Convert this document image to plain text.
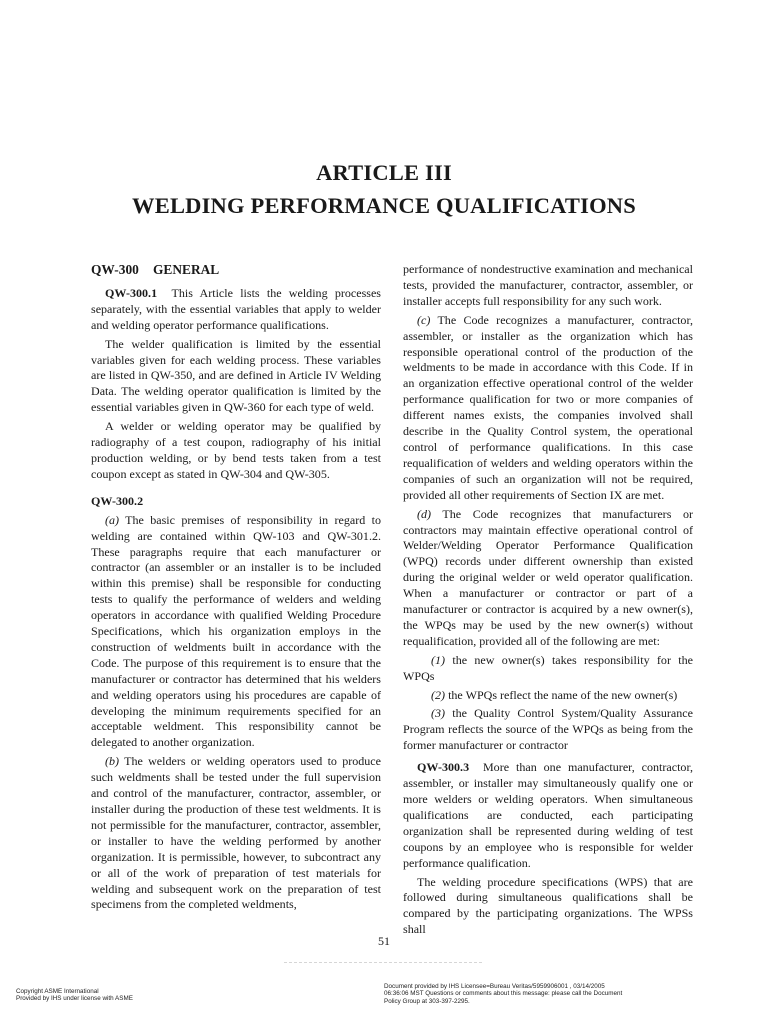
ARTICLE III
WELDING PERFORMANCE QUALIFICATIONS
QW-300 GENERAL

QW-300.1 This Article lists the welding processes separately, with the essential variables that apply to welder and welding operator performance qualifications.

The welder qualification is limited by the essential variables given for each welding process. These variables are listed in QW-350, and are defined in Article IV Welding Data. The welding operator qualification is limited by the essential variables given in QW-360 for each type of weld.

A welder or welding operator may be qualified by radiography of a test coupon, radiography of his initial production welding, or by bend tests taken from a test coupon except as stated in QW-304 and QW-305.

QW-300.2

(a) The basic premises of responsibility in regard to welding are contained within QW-103 and QW-301.2. These paragraphs require that each manufacturer or contractor (an assembler or an installer is to be included within this premise) shall be responsible for conducting tests to qualify the performance of welders and welding operators in accordance with qualified Welding Procedure Specifications, which his organization employs in the construction of weldments built in accordance with the Code. The purpose of this requirement is to ensure that the manufacturer or contractor has determined that his welders and welding operators using his procedures are capable of developing the minimum requirements specified for an acceptable weldment. This responsibility cannot be delegated to another organization.

(b) The welders or welding operators used to produce such weldments shall be tested under the full supervision and control of the manufacturer, contractor, assembler, or installer during the production of these test weldments. It is not permissible for the manufacturer, contractor, assembler, or installer to have the welding performed by another organization. It is permissible, however, to subcontract any or all of the work of preparation of test materials for welding and subsequent work on the preparation of test specimens from the completed weldments,

performance of nondestructive examination and mechanical tests, provided the manufacturer, contractor, assembler, or installer accepts full responsibility for any such work.

(c) The Code recognizes a manufacturer, contractor, assembler, or installer as the organization which has responsible operational control of the production of the weldments to be made in accordance with this Code. If in an organization effective operational control of the welder performance qualification for two or more companies of different names exists, the companies involved shall describe in the Quality Control system, the operational control of performance qualifications. In this case requalification of welders and welding operators within the companies of such an organization will not be required, provided all other requirements of Section IX are met.

(d) The Code recognizes that manufacturers or contractors may maintain effective operational control of Welder/Welding Operator Performance Qualification (WPQ) records under different ownership than existed during the original welder or weld operator qualification. When a manufacturer or contractor or part of a manufacturer or contractor is acquired by a new owner(s), the WPQs may be used by the new owner(s) without requalification, provided all of the following are met:

(1) the new owner(s) takes responsibility for the WPQs

(2) the WPQs reflect the name of the new owner(s)

(3) the Quality Control System/Quality Assurance Program reflects the source of the WPQs as being from the former manufacturer or contractor

QW-300.3 More than one manufacturer, contractor, assembler, or installer may simultaneously qualify one or more welders or welding operators. When simultaneous qualifications are conducted, each participating organization shall be represented during welding of test coupons by an employee who is responsible for welder performance qualification.

The welding procedure specifications (WPS) that are followed during simultaneous qualifications shall be compared by the participating organizations. The WPSs shall

51
Copyright ASME International
Provided by IHS under license with ASME
Document provided by IHS Licensee=Bureau Veritas/5959906001 , 03/14/2005
06:36:06 MST Questions or comments about this message: please call the Document
Policy Group at 303-397-2295.
